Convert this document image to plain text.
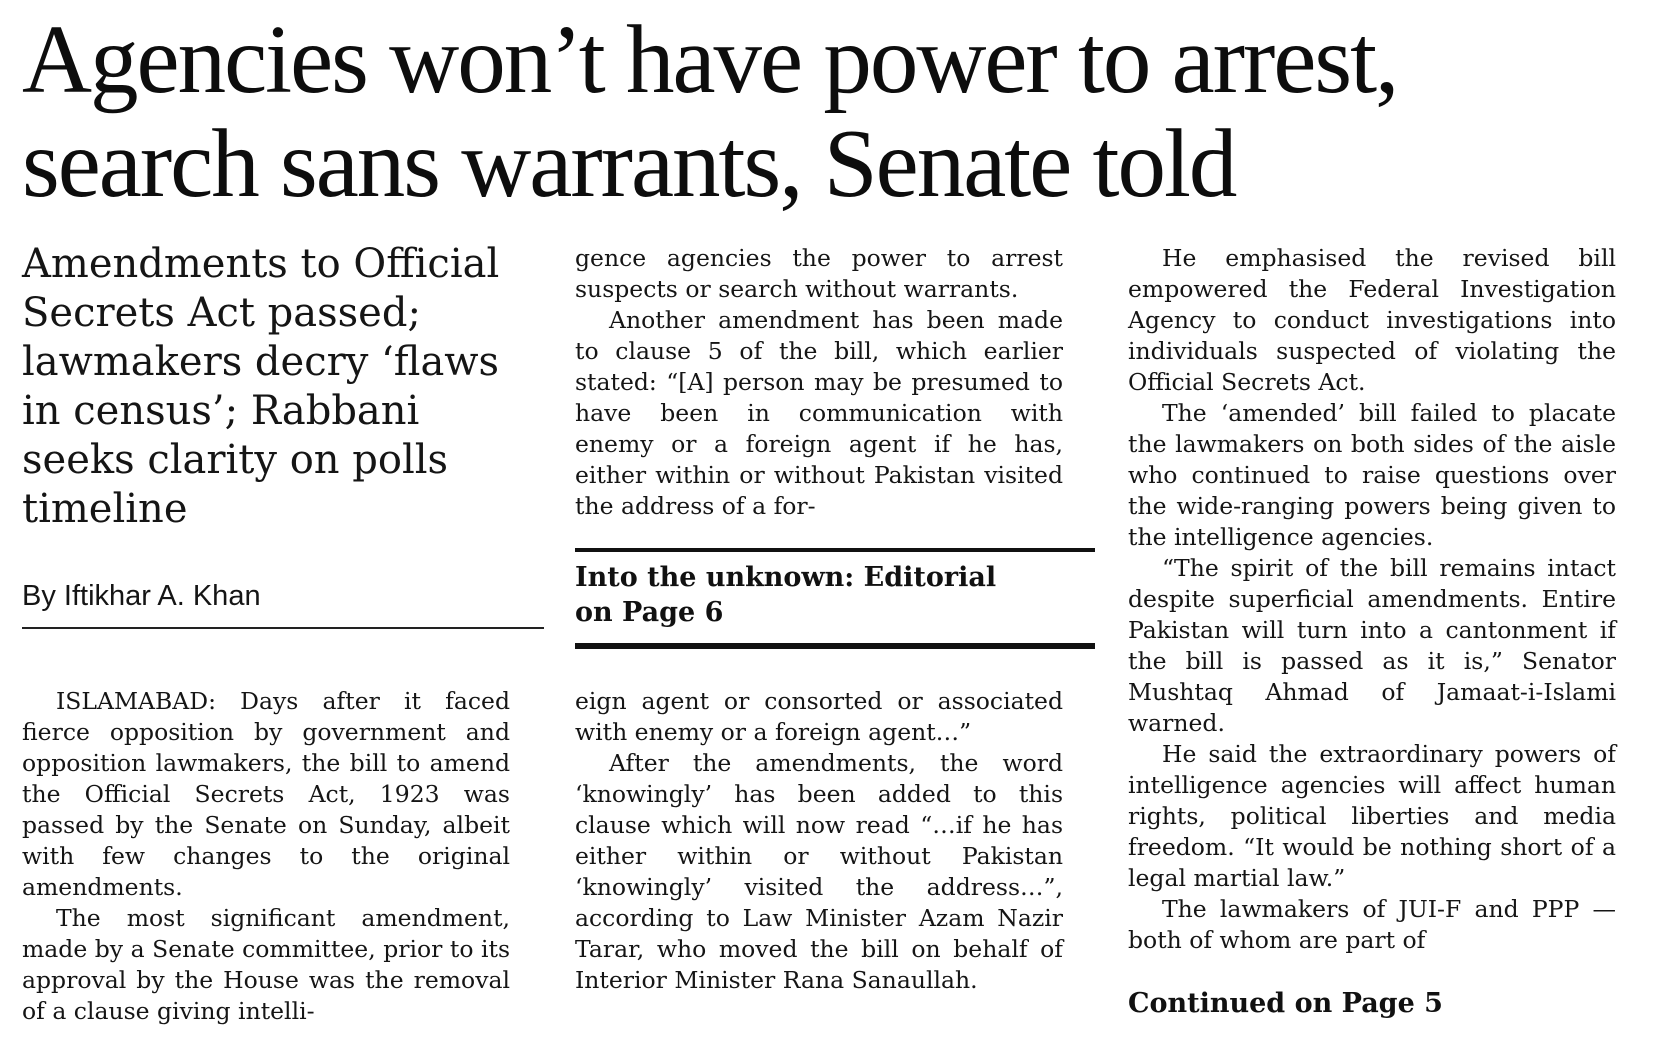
Agencies won’t have power to arrest,
search sans warrants, Senate told
Amendments to Official
Secrets Act passed;
lawmakers decry ‘flaws
in census’; Rabbani
seeks clarity on polls
timeline
By Iftikhar A. Khan

ISLAMABAD: Days after it faced fierce opposition by government and opposition lawmakers, the bill to amend the Official Secrets Act, 1923 was passed by the Senate on Sunday, albeit with few changes to the original amendments.

The most significant amendment, made by a Senate committee, prior to its approval by the House was the removal of a clause giving intelli-

gence agencies the power to arrest suspects or search without warrants.

Another amendment has been made to clause 5 of the bill, which earlier stated: “[A] person may be presumed to have been in communication with enemy or a foreign agent if he has, either within or without Pakistan visited the address of a for-

Into the unknown: Editorial
on Page 6

eign agent or consorted or associated with enemy or a foreign agent…”

After the amendments, the word ‘knowingly’ has been added to this clause which will now read “…if he has either within or without Pakistan ‘knowingly’ visited the address…”, according to Law Minister Azam Nazir Tarar, who moved the bill on behalf of Interior Minister Rana Sanaullah.

He emphasised the revised bill empowered the Federal Investigation Agency to conduct investigations into individuals suspected of violating the Official Secrets Act.

The ‘amended’ bill failed to placate the lawmakers on both sides of the aisle who continued to raise questions over the wide-ranging powers being given to the intelligence agencies.

“The spirit of the bill remains intact despite superficial amendments. Entire Pakistan will turn into a cantonment if the bill is passed as it is,” Senator Mushtaq Ahmad of Jamaat-i-Islami warned.

He said the extraordinary powers of intelligence agencies will affect human rights, political liberties and media freedom. “It would be nothing short of a legal martial law.”

The lawmakers of JUI-F and PPP — both of whom are part of

Continued on Page 5
